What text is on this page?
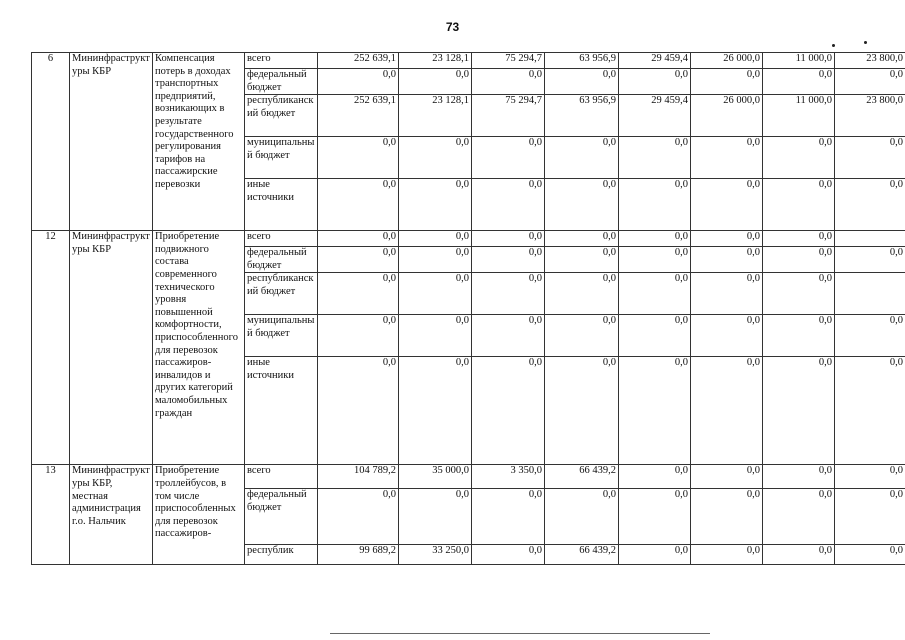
73
6	Мининфраструктуры КБР	Компенсация потерь в доходах транспортных предприятий, возникающих в результате государственного регулирования тарифов на пассажирские перевозки	всего	252 639,1	23 128,1	75 294,7	63 956,9	29 459,4	26 000,0	11 000,0	23 800,0
			федеральный бюджет	0,0	0,0	0,0	0,0	0,0	0,0	0,0	0,0
			республиканский бюджет	252 639,1	23 128,1	75 294,7	63 956,9	29 459,4	26 000,0	11 000,0	23 800,0
			муниципальный бюджет	0,0	0,0	0,0	0,0	0,0	0,0	0,0	0,0
			иные источники	0,0	0,0	0,0	0,0	0,0	0,0	0,0	0,0
12	Мининфраструктуры КБР	Приобретение подвижного состава современного технического уровня повышенной комфортности, приспособленного для перевозок пассажиров-инвалидов и других категорий маломобильных граждан	всего	0,0	0,0	0,0	0,0	0,0	0,0	0,0	
			федеральный бюджет	0,0	0,0	0,0	0,0	0,0	0,0	0,0	0,0
			республиканский бюджет	0,0	0,0	0,0	0,0	0,0	0,0	0,0	
			муниципальный бюджет	0,0	0,0	0,0	0,0	0,0	0,0	0,0	0,0
			иные источники	0,0	0,0	0,0	0,0	0,0	0,0	0,0	0,0
13	Мининфраструктуры КБР, местная администрация г.о. Нальчик	Приобретение троллейбусов, в том числе приспособленных для перевозок пассажиров-	всего	104 789,2	35 000,0	3 350,0	66 439,2	0,0	0,0	0,0	0,0
			федеральный бюджет	0,0	0,0	0,0	0,0	0,0	0,0	0,0	0,0
			республик	99 689,2	33 250,0	0,0	66 439,2	0,0	0,0	0,0	0,0
